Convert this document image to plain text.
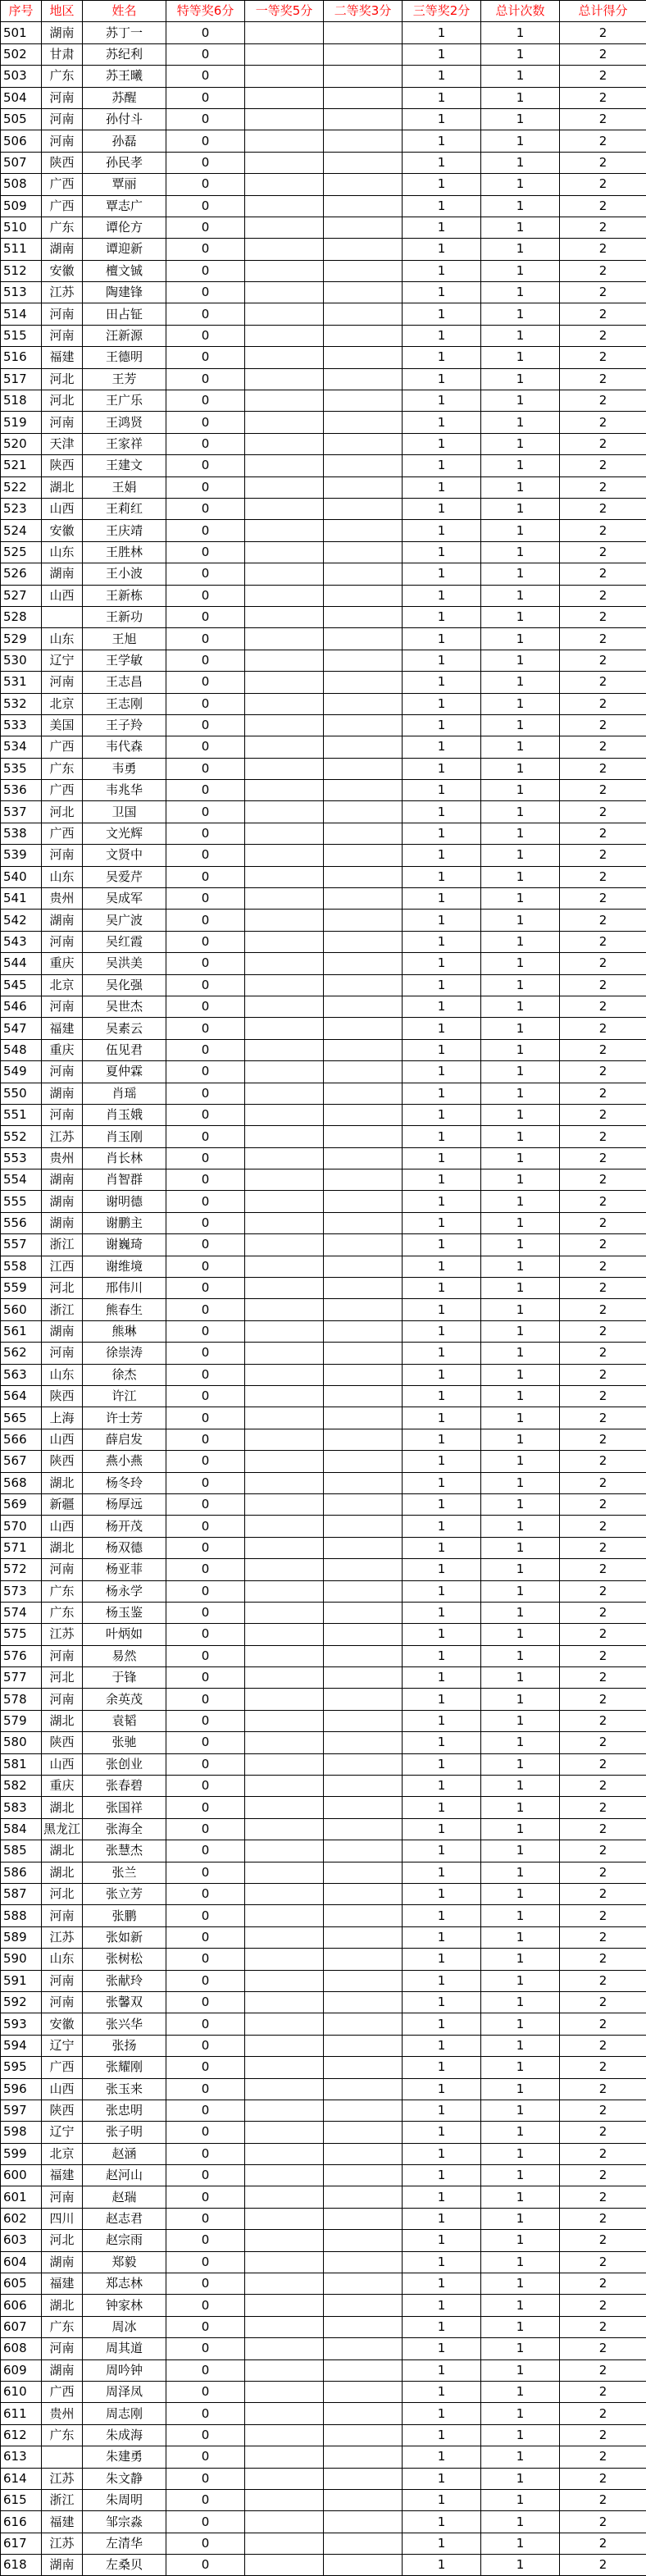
序号	地区	姓名	特等奖6分	一等奖5分	二等奖3分	三等奖2分	总计次数	总计得分
501	湖南	苏丁一	0			1	1	2
502	甘肃	苏纪利	0			1	1	2
503	广东	苏王曦	0			1	1	2
504	河南	苏醒	0			1	1	2
505	河南	孙付斗	0			1	1	2
506	河南	孙磊	0			1	1	2
507	陕西	孙民孝	0			1	1	2
508	广西	覃丽	0			1	1	2
509	广西	覃志广	0			1	1	2
510	广东	谭伦方	0			1	1	2
511	湖南	谭迎新	0			1	1	2
512	安徽	檀文铖	0			1	1	2
513	江苏	陶建锋	0			1	1	2
514	河南	田占钲	0			1	1	2
515	河南	汪新源	0			1	1	2
516	福建	王德明	0			1	1	2
517	河北	王芳	0			1	1	2
518	河北	王广乐	0			1	1	2
519	河南	王鸿贤	0			1	1	2
520	天津	王家祥	0			1	1	2
521	陕西	王建文	0			1	1	2
522	湖北	王娟	0			1	1	2
523	山西	王莉红	0			1	1	2
524	安徽	王庆靖	0			1	1	2
525	山东	王胜林	0			1	1	2
526	湖南	王小波	0			1	1	2
527	山西	王新栋	0			1	1	2
528		王新功	0			1	1	2
529	山东	王旭	0			1	1	2
530	辽宁	王学敏	0			1	1	2
531	河南	王志昌	0			1	1	2
532	北京	王志刚	0			1	1	2
533	美国	王子羚	0			1	1	2
534	广西	韦代森	0			1	1	2
535	广东	韦勇	0			1	1	2
536	广西	韦兆华	0			1	1	2
537	河北	卫国	0			1	1	2
538	广西	文光辉	0			1	1	2
539	河南	文贤中	0			1	1	2
540	山东	吴爱芹	0			1	1	2
541	贵州	吴成军	0			1	1	2
542	湖南	吴广波	0			1	1	2
543	河南	吴红霞	0			1	1	2
544	重庆	吴洪美	0			1	1	2
545	北京	吴化强	0			1	1	2
546	河南	吴世杰	0			1	1	2
547	福建	吴素云	0			1	1	2
548	重庆	伍见君	0			1	1	2
549	河南	夏仲霖	0			1	1	2
550	湖南	肖瑶	0			1	1	2
551	河南	肖玉娥	0			1	1	2
552	江苏	肖玉刚	0			1	1	2
553	贵州	肖长林	0			1	1	2
554	湖南	肖智群	0			1	1	2
555	湖南	谢明德	0			1	1	2
556	湖南	谢鹏主	0			1	1	2
557	浙江	谢巍琦	0			1	1	2
558	江西	谢维境	0			1	1	2
559	河北	邢伟川	0			1	1	2
560	浙江	熊春生	0			1	1	2
561	湖南	熊琳	0			1	1	2
562	河南	徐崇涛	0			1	1	2
563	山东	徐杰	0			1	1	2
564	陕西	许江	0			1	1	2
565	上海	许士芳	0			1	1	2
566	山西	薛启发	0			1	1	2
567	陕西	燕小燕	0			1	1	2
568	湖北	杨冬玲	0			1	1	2
569	新疆	杨厚远	0			1	1	2
570	山西	杨开茂	0			1	1	2
571	湖北	杨双德	0			1	1	2
572	河南	杨亚菲	0			1	1	2
573	广东	杨永学	0			1	1	2
574	广东	杨玉鉴	0			1	1	2
575	江苏	叶炳如	0			1	1	2
576	河南	易然	0			1	1	2
577	河北	于锋	0			1	1	2
578	河南	余英茂	0			1	1	2
579	湖北	袁韬	0			1	1	2
580	陕西	张驰	0			1	1	2
581	山西	张创业	0			1	1	2
582	重庆	张春碧	0			1	1	2
583	湖北	张国祥	0			1	1	2
584	黑龙江	张海全	0			1	1	2
585	湖北	张慧杰	0			1	1	2
586	湖北	张兰	0			1	1	2
587	河北	张立芳	0			1	1	2
588	河南	张鹏	0			1	1	2
589	江苏	张如新	0			1	1	2
590	山东	张树松	0			1	1	2
591	河南	张献玲	0			1	1	2
592	河南	张馨双	0			1	1	2
593	安徽	张兴华	0			1	1	2
594	辽宁	张扬	0			1	1	2
595	广西	张耀刚	0			1	1	2
596	山西	张玉来	0			1	1	2
597	陕西	张忠明	0			1	1	2
598	辽宁	张子明	0			1	1	2
599	北京	赵涵	0			1	1	2
600	福建	赵河山	0			1	1	2
601	河南	赵瑞	0			1	1	2
602	四川	赵志君	0			1	1	2
603	河北	赵宗雨	0			1	1	2
604	湖南	郑毅	0			1	1	2
605	福建	郑志林	0			1	1	2
606	湖北	钟家林	0			1	1	2
607	广东	周冰	0			1	1	2
608	河南	周其道	0			1	1	2
609	湖南	周吟钟	0			1	1	2
610	广西	周泽凤	0			1	1	2
611	贵州	周志刚	0			1	1	2
612	广东	朱成海	0			1	1	2
613		朱建勇	0			1	1	2
614	江苏	朱文静	0			1	1	2
615	浙江	朱周明	0			1	1	2
616	福建	邹宗淼	0			1	1	2
617	江苏	左清华	0			1	1	2
618	湖南	左桑贝	0			1	1	2
